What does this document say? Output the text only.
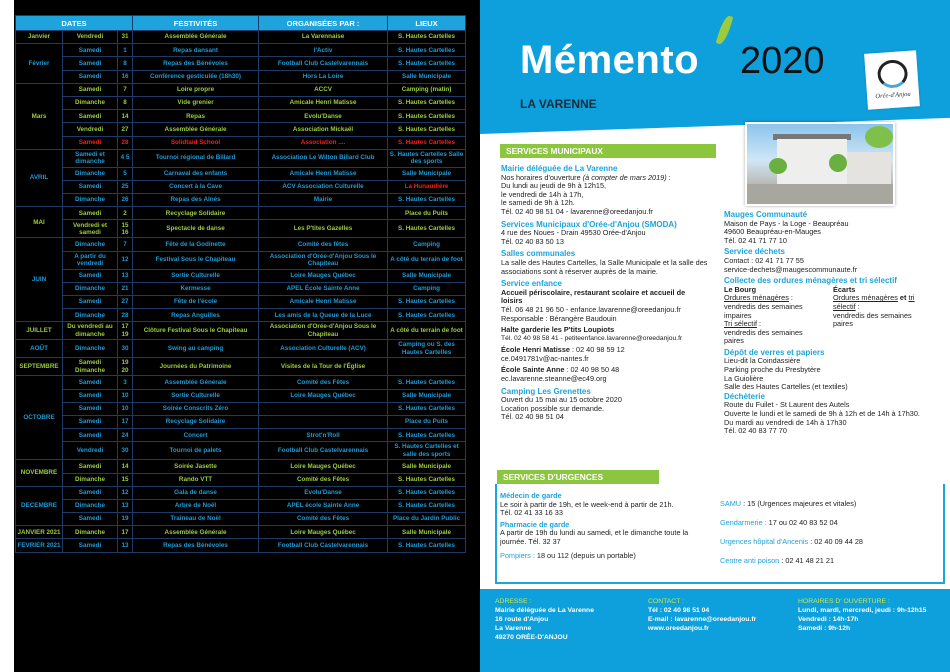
DATES			FESTIVITÉS	ORGANISÉES PAR :	LIEUX
Janvier	Vendredi	31	Assemblée Générale	La Varennaise	S. Hautes Cartelles
Février	Samedi	1	Repas dansant	l'Activ	S. Hautes Cartelles
	Samedi	8	Repas des Bénévoles	Football Club Castelvarennais	S. Hautes Cartelles
	Samedi	16	Conférence gesticulée (18h30)	Hors La Loire	Salle Municipale
Mars	Samedi	7	Loire propre	ACCV	Camping (matin)
	Dimanche	8	Vide grenier	Amicale Henri Matisse	S. Hautes Cartelles
	Samedi	14	Repas	Evolu'Danse	S. Hautes Cartelles
	Vendredi	27	Assemblée Générale	Association Mickaël	S. Hautes Cartelles
	Samedi	28	Solidtaid School	Association ....	S. Hautes Cartelles
AVRIL	Samedi et dimanche	4 5	Tournoi régional de Billard	Association Le Wilton Billard Club	S. Hautes Cartelles Salle des sports
	Dimanche	5	Carnaval des enfants	Amicale Henri Matisse	Salle Municipale
	Samedi	25	Concert à la Cave	ACV Association Culturelle	La Hunaudière
	Dimanche	26	Repas des Aînés	Mairie	S. Hautes Cartelles
MAI	Samedi	2	Recyclage Solidaire		Place du Puits
	Vendredi et samedi	15 16	Spectacle de danse	Les P'tites Gazelles	S. Hautes Cartelles
JUIN	Dimanche	7	Fête de la Godinette	Comité des fêtes	Camping
	A partir du vendredi	12	Festival Sous le Chapiteau	Association d'Orée-d'Anjou Sous le Chapiteau	A côté du terrain de foot
	Samedi	13	Sortie Culturelle	Loire Mauges Québec	Salle Municipale
	Dimanche	21	Kermesse	APEL École Sainte Anne	Camping
	Samedi	27	Fête de l'école	Amicale Henri Matisse	S. Hautes Cartelles
	Dimanche	28	Repas Anguilles	Les amis de la Queue de la Luce	S. Hautes Cartelles
JUILLET	Du vendredi au dimanche	17 19	Clôture Festival Sous le Chapiteau	Association d'Orée-d'Anjou Sous le Chapiteau	A côté du terrain de foot
AOÛT	Dimanche	30	Swing au camping	Association Culturelle (ACV)	Camping ou S. des Hautes Cartelles
SEPTEMBRE	Samedi Dimanche	19 20	Journées du Patrimoine	Visites de la Tour de l'Église	
OCTOBRE	Samedi	3	Assemblée Générale	Comité des Fêtes	S. Hautes Cartelles
	Samedi	10	Sortie Culturelle	Loire Mauges Québec	Salle Municipale
	Samedi	10	Soirée Conscrits Zéro		S. Hautes Cartelles
	Samedi	17	Recyclage Solidaire		Place du Puits
	Samedi	24	Concert	Strot'n'Roll	S. Hautes Cartelles
	Vendredi	30	Tournoi de palets	Football Club Castelvarennais	S. Hautes Cartelles et salle des sports
NOVEMBRE	Samedi	14	Soirée Jasette	Loire Mauges Québec	Salle Municipale
	Dimanche	15	Rando VTT	Comité des Fêtes	S. Hautes Cartelles
DECEMBRE	Samedi	12	Gala de danse	Evolu'Danse	S. Hautes Cartelles
	Dimanche	13	Arbre de Noël	APEL école Sainte Anne	S. Hautes Cartelles
	Samedi	19	Traîneau de Noël	Comité des Fêtes	Place du Jardin Public
JANVIER 2021	Dimanche	17	Assemblée Générale	Loire Mauges Québec	Salle Municipale
FEVRIER 2021	Samedi	13	Repas des Bénévoles	Football Club Castelvarennais	S. Hautes Cartelles
Mémento 2020
LA VARENNE
Orée-d'Anjou
SERVICES MUNICIPAUX

Mairie déléguée de La Varenne

Nos horaires d'ouverture (à compter de mars 2019) :

Du lundi au jeudi de 9h à 12h15,

le vendredi de 14h à 17h,

le samedi de 9h à 12h.

Tél. 02 40 98 51 04 - lavarenne@oreedanjou.fr

Services Municipaux d'Orée-d'Anjou (SMODA)

4 rue des Noues - Drain 49530 Orée-d'Anjou

Tél. 02 40 83 50 13

Salles communales

La salle des Hautes Cartelles, la Salle Municipale et la salle des associations sont à réserver auprès de la mairie.

Service enfance

Accueil périscolaire, restaurant scolaire et accueil de loisirs

Tél. 06 48 21 96 50 - enfance.lavarenne@oreedanjou.fr

Responsable : Bérangère Baudouin

Halte garderie les P'tits Loupiots

Tél. 02 40 98 58 41 - petiteenfance.lavarenne@oreedanjou.fr

École Henri Matisse : 02 40 98 59 12

ce.0491781v@ac-nantes.fr

École Sainte Anne : 02 40 98 50 48

ec.lavarenne.steanne@ec49.org

Camping Les Grenettes

Ouvert du 15 mai au 15 octobre 2020

Location possible sur demande.

Tél. 02 40 98 51 04

Mauges Communauté

Maison de Pays - la Loge - Beaupréau

49600 Beaupréau-en-Mauges

Tél. 02 41 71 77 10

Service déchets

Contact : 02 41 71 77 55

service-dechets@maugescommunaute.fr

Collecte des ordures ménagères et tri sélectif

Le Bourg

Ordures ménagères :

vendredis des semaines impaires

Tri sélectif :

vendredis des semaines paires

Écarts

Ordures ménagères et tri sélectif :

vendredis des semaines paires

Dépôt de verres et papiers

Lieu-dit la Coindassière

Parking proche du Presbytère

La Guiolière

Salle des Hautes Cartelles (et textiles)

Déchèterie

Route du Fuilet - St Laurent des Autels

Ouverte le lundi et le samedi de 9h à 12h et de 14h à 17h30.

Du mardi au vendredi de 14h à 17h30

Tél. 02 40 83 77 70

SERVICES D'URGENCES

Médecin de garde

Le soir à partir de 19h, et le week-end à partir de 21h.

Tél. 02 41 33 16 33

Pharmacie de garde

A partir de 19h du lundi au samedi, et le dimanche toute la journée. Tél. 32 37

Pompiers : 18 ou 112 (depuis un portable)

SAMU : 15 (Urgences majeures et vitales)

Gendarmerie : 17 ou 02 40 83 52 04

Urgences hôpital d'Ancenis : 02 40 09 44 28

Centre anti poison : 02 41 48 21 21

ADRESSE :
Mairie déléguée de La Varenne
16 route d'Anjou
La Varenne
49270 ORÉE-D'ANJOU
CONTACT :
Tél : 02 40 98 51 04
E-mail : lavarenne@oreedanjou.fr
www.oreedanjou.fr
HORAIRES D' OUVERTURE :
Lundi, mardi, mercredi, jeudi : 9h-12h15
Vendredi : 14h-17h
Samedi : 9h-12h
